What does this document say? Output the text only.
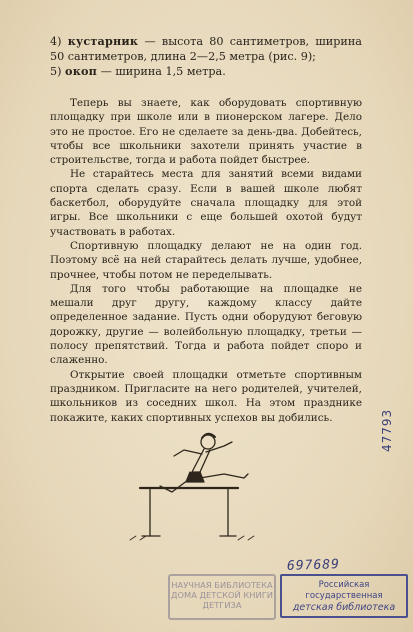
4) кустарник — высота 80 сантиметров, ширина 50 сантиметров, длина 2—2,5 метра (рис. 9);

5) окоп — ширина 1,5 метра.

Теперь вы знаете, как оборудовать спортивную площадку при школе или в пионерском лагере. Дело это не простое. Его не сделаете за день-два. Добейтесь, чтобы все школьники захотели принять участие в строительстве, тогда и работа пойдет быстрее.

Не старайтесь места для занятий всеми видами спорта сделать сразу. Если в вашей школе любят баскетбол, оборудуйте сначала площадку для этой игры. Все школьники с еще большей охотой будут участвовать в работах.

Спортивную площадку делают не на один год. Поэтому всё на ней старайтесь делать лучше, удобнее, прочнее, чтобы потом не переделывать.

Для того чтобы работающие на площадке не мешали друг другу, каждому классу дайте определенное задание. Пусть одни оборудуют беговую дорожку, другие — волейбольную площадку, третьи — полосу препятствий. Тогда и работа пойдет споро и слаженно.

Открытие своей площадки отметьте спортивным праздником. Пригласите на него родителей, учителей, школьников из соседних школ. На этом празднике покажите, каких спортивных успехов вы добились.

697689
47793
НАУЧНАЯ БИБЛИОТЕКА
ДОМА ДЕТСКОЙ КНИГИ
ДЕТГИЗА
Российская государственная
детская библиотека
